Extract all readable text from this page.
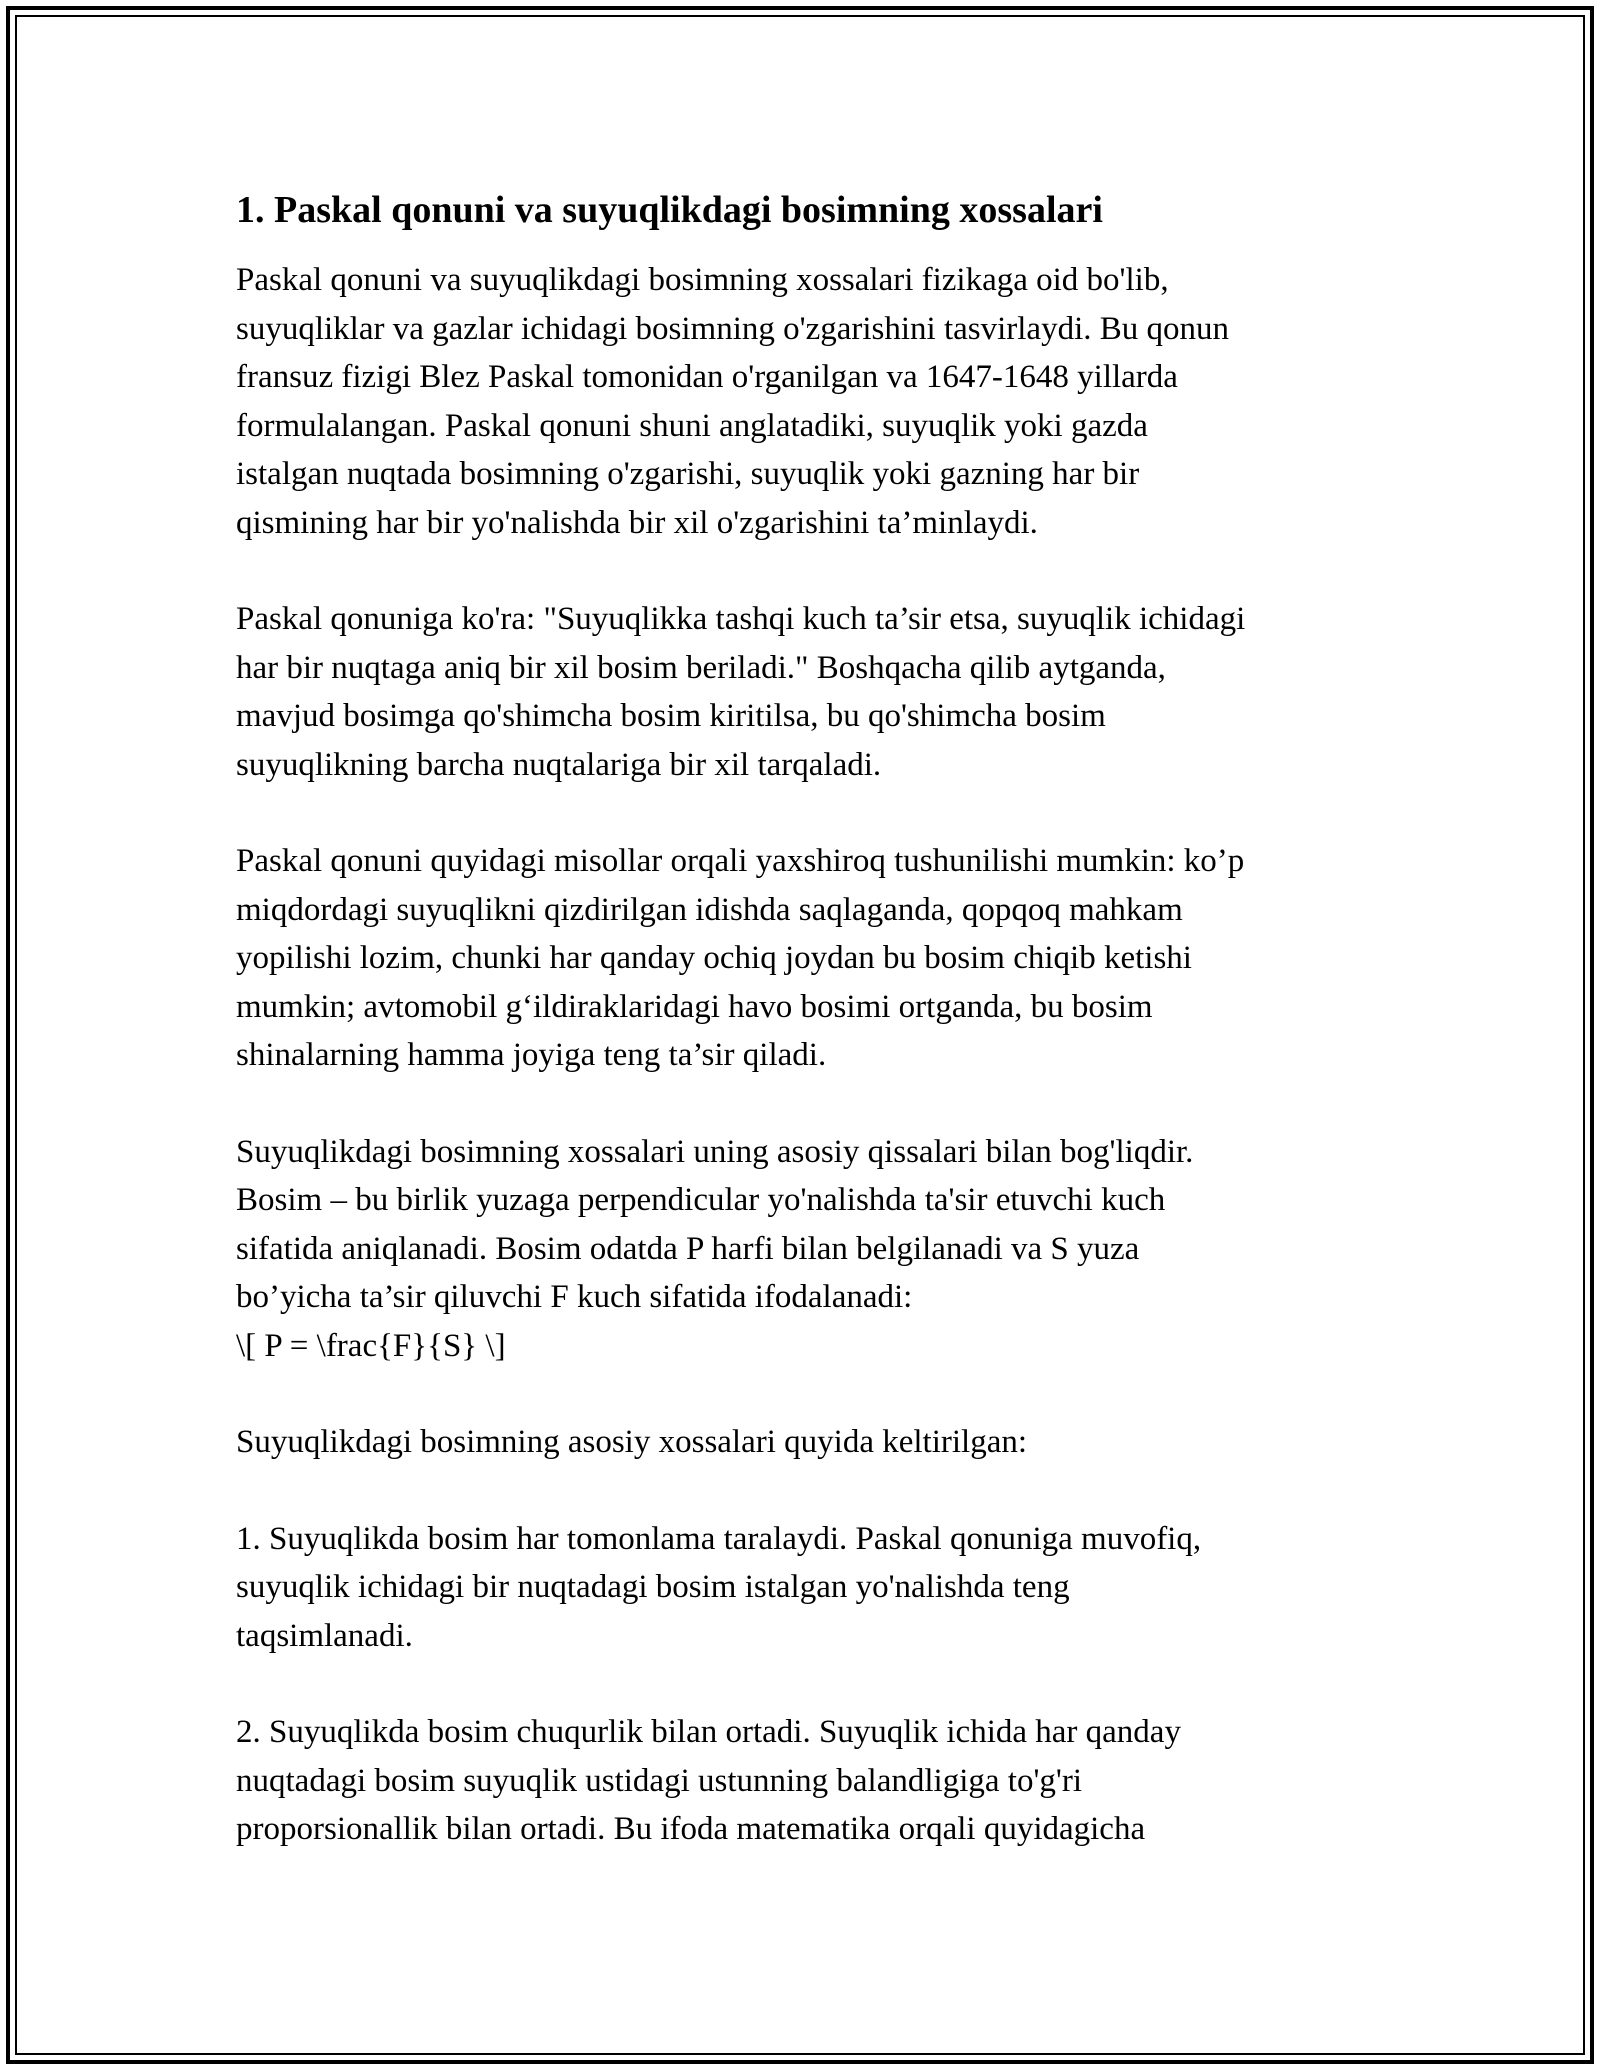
1. Paskal qonuni va suyuqlikdagi bosimning xossalari

Paskal qonuni va suyuqlikdagi bosimning xossalari fizikaga oid bo'lib,
suyuqliklar va gazlar ichidagi bosimning o'zgarishini tasvirlaydi. Bu qonun
fransuz fizigi Blez Paskal tomonidan o'rganilgan va 1647-1648 yillarda
formulalangan. Paskal qonuni shuni anglatadiki, suyuqlik yoki gazda
istalgan nuqtada bosimning o'zgarishi, suyuqlik yoki gazning har bir
qismining har bir yo'nalishda bir xil o'zgarishini ta’minlaydi.

Paskal qonuniga ko'ra: "Suyuqlikka tashqi kuch ta’sir etsa, suyuqlik ichidagi
har bir nuqtaga aniq bir xil bosim beriladi." Boshqacha qilib aytganda,
mavjud bosimga qo'shimcha bosim kiritilsa, bu qo'shimcha bosim
suyuqlikning barcha nuqtalariga bir xil tarqaladi.

Paskal qonuni quyidagi misollar orqali yaxshiroq tushunilishi mumkin: ko’p
miqdordagi suyuqlikni qizdirilgan idishda saqlaganda, qopqoq mahkam
yopilishi lozim, chunki har qanday ochiq joydan bu bosim chiqib ketishi
mumkin; avtomobil g‘ildiraklaridagi havo bosimi ortganda, bu bosim
shinalarning hamma joyiga teng ta’sir qiladi.

Suyuqlikdagi bosimning xossalari uning asosiy qissalari bilan bog'liqdir.
Bosim – bu birlik yuzaga perpendicular yo'nalishda ta'sir etuvchi kuch
sifatida aniqlanadi. Bosim odatda P harfi bilan belgilanadi va S yuza
bo’yicha ta’sir qiluvchi F kuch sifatida ifodalanadi:
\[ P = \frac{F}{S} \]

Suyuqlikdagi bosimning asosiy xossalari quyida keltirilgan:

1. Suyuqlikda bosim har tomonlama taralaydi. Paskal qonuniga muvofiq,
suyuqlik ichidagi bir nuqtadagi bosim istalgan yo'nalishda teng
taqsimlanadi.

2. Suyuqlikda bosim chuqurlik bilan ortadi. Suyuqlik ichida har qanday
nuqtadagi bosim suyuqlik ustidagi ustunning balandligiga to'g'ri
proporsionallik bilan ortadi. Bu ifoda matematika orqali quyidagicha
